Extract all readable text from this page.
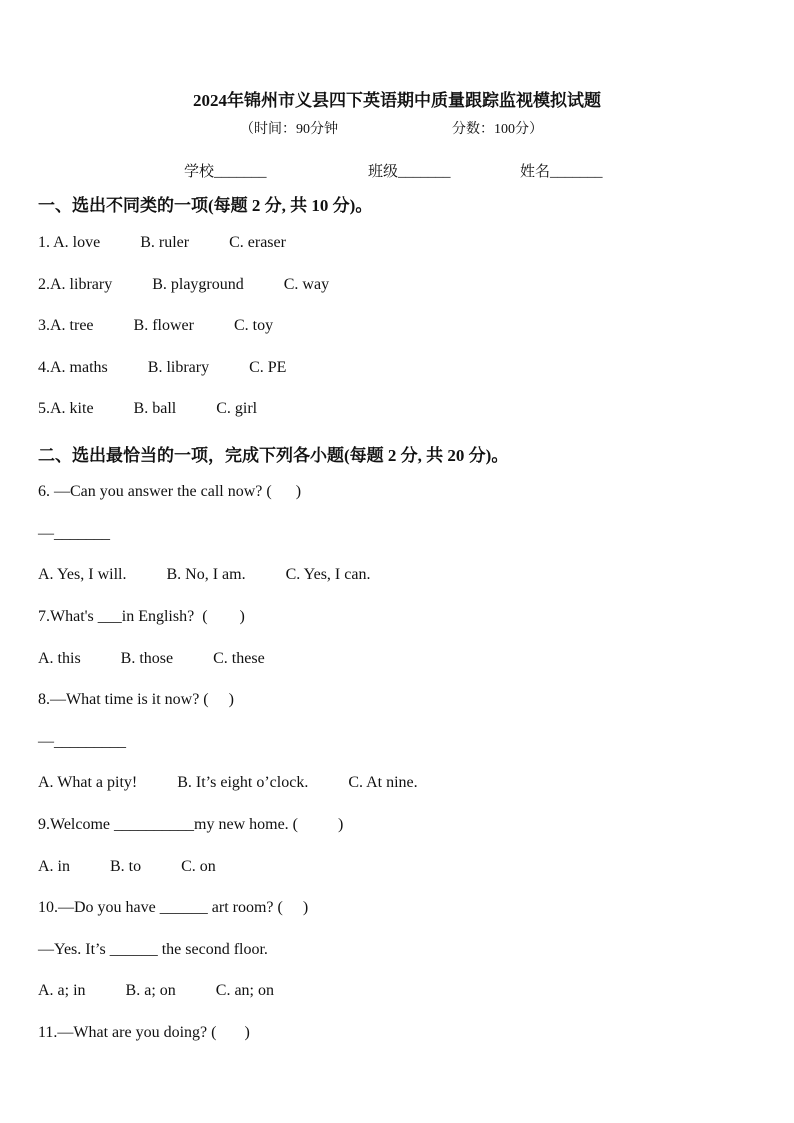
2024年锦州市义县四下英语期中质量跟踪监视模拟试题
（时间：90分钟	分数：100分）
学校_______	班级_______	姓名_______
一、选出不同类的一项(每题 2 分, 共 10 分)。
1. A. love          B. ruler          C. eraser
2.A. library          B. playground          C. way
3.A. tree          B. flower          C. toy
4.A. maths          B. library          C. PE
5.A. kite          B. ball          C. girl
二、选出最恰当的一项，完成下列各小题(每题 2 分, 共 20 分)。
6. —Can you answer the call now? (      )
—_______
A. Yes, I will.          B. No, I am.          C. Yes, I can.
7.What's ___in English?  (        )
A. this          B. those          C. these
8.—What time is it now? (     )
—_________
A. What a pity!          B. It’s eight o’clock.          C. At nine.
9.Welcome __________my new home. (          )
A. in          B. to          C. on
10.—Do you have ______ art room? (     )
—Yes. It’s ______ the second floor.
A. a; in          B. a; on          C. an; on
11.—What are you doing? (       )
